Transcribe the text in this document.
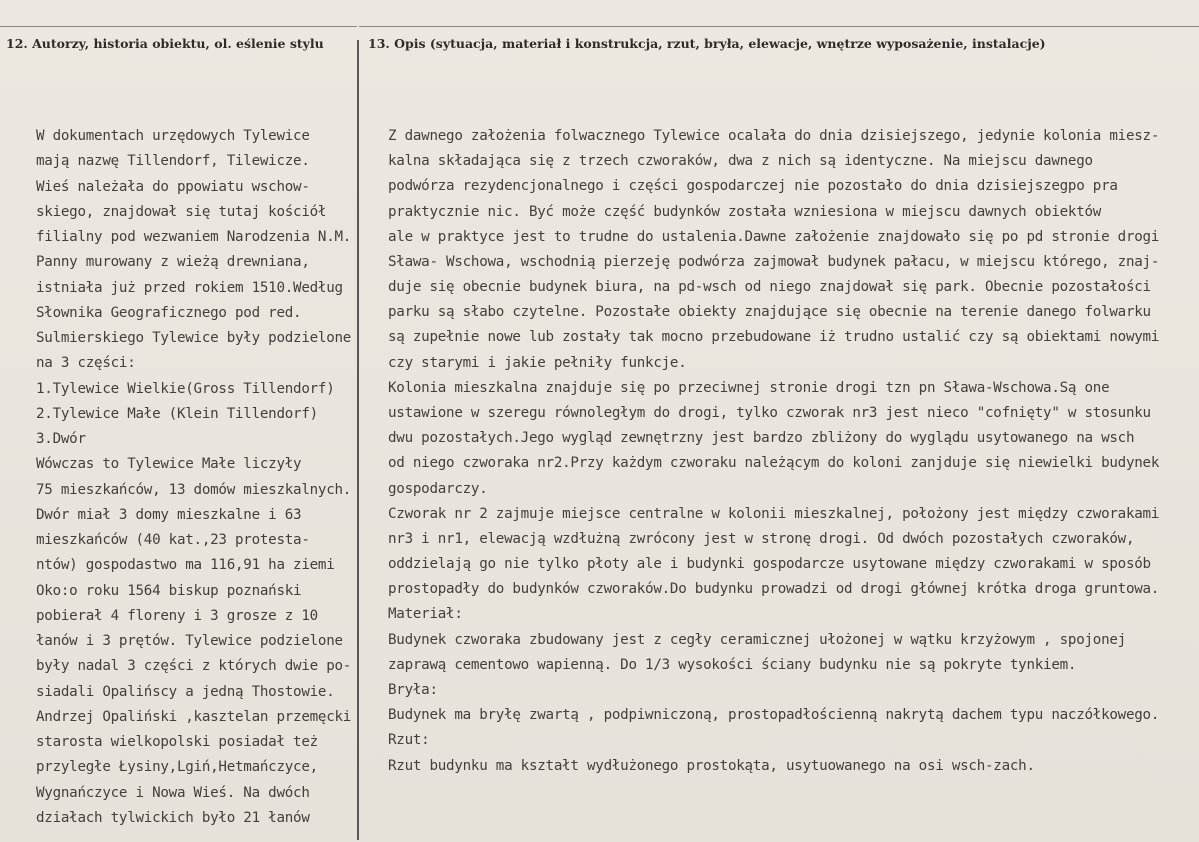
12. Autorzy, historia obiektu, ol. eślenie stylu	13. Opis (sytuacja, materiał i konstrukcja, rzut, bryła, elewacje, wnętrze wyposażenie, instalacje)
W dokumentach urzędowych Tylewice
mają nazwę Tillendorf, Tilewicze.
Wieś należała do ppowiatu wschow-
skiego, znajdował się tutaj kościół
filialny pod wezwaniem Narodzenia N.M.
Panny murowany z wieżą drewniana,
istniała już przed rokiem 1510.Według
Słownika Geograficznego pod red.
Sulmierskiego Tylewice były podzielone
na 3 części:
1.Tylewice Wielkie(Gross Tillendorf)
2.Tylewice Małe (Klein Tillendorf)
3.Dwór
Wówczas to Tylewice Małe liczyły
75 mieszkańców, 13 domów mieszkalnych.
Dwór miał 3 domy mieszkalne i 63
mieszkańców (40 kat.,23 protesta-
ntów) gospodastwo ma 116,91 ha ziemi
Oko:o roku 1564 biskup poznański
pobierał 4 floreny i 3 grosze z 10
łanów i 3 prętów. Tylewice podzielone
były nadal 3 części z których dwie po-
siadali Opalińscy a jedną Thostowie.
Andrzej Opaliński ,kasztelan przemęcki
starosta wielkopolski posiadał też
przyległe Łysiny,Lgiń,Hetmańczyce,
Wygnańczyce i Nowa Wieś. Na dwóch
działach tylwickich było 21 łanów
Z dawnego założenia folwacznego Tylewice ocalała do dnia dzisiejszego, jedynie kolonia miesz-
kalna składająca się z trzech czworaków, dwa z nich są identyczne. Na miejscu dawnego
podwórza rezydencjonalnego i części gospodarczej nie pozostało do dnia dzisiejszegpo pra
praktycznie nic. Być może część budynków została wzniesiona w miejscu dawnych obiektów
ale w praktyce jest to trudne do ustalenia.Dawne założenie znajdowało się po pd stronie drogi
Sława- Wschowa, wschodnią pierzeję podwórza zajmował budynek pałacu, w miejscu którego, znaj-
duje się obecnie budynek biura, na pd-wsch od niego znajdował się park. Obecnie pozostałości
parku są słabo czytelne. Pozostałe obiekty znajdujące się obecnie na terenie danego folwarku
są zupełnie nowe lub zostały tak mocno przebudowane iż trudno ustalić czy są obiektami nowymi
czy starymi i jakie pełniły funkcje.
Kolonia mieszkalna znajduje się po przeciwnej stronie drogi tzn pn Sława-Wschowa.Są one
ustawione w szeregu równoległym do drogi, tylko czworak nr3 jest nieco "cofnięty" w stosunku
dwu pozostałych.Jego wygląd zewnętrzny jest bardzo zbliżony do wyglądu usytowanego na wsch
od niego czworaka nr2.Przy każdym czworaku należącym do koloni zanjduje się niewielki budynek
gospodarczy.
Czworak nr 2 zajmuje miejsce centralne w kolonii mieszkalnej, położony jest między czworakami
nr3 i nr1, elewacją wzdłużną zwrócony jest w stronę drogi. Od dwóch pozostałych czworaków,
oddzielają go nie tylko płoty ale i budynki gospodarcze usytowane między czworakami w sposób
prostopadły do budynków czworaków.Do budynku prowadzi od drogi głównej krótka droga gruntowa.
Materiał:
Budynek czworaka zbudowany jest z cegły ceramicznej ułożonej w wątku krzyżowym , spojonej
zaprawą cementowo wapienną. Do 1/3 wysokości ściany budynku nie są pokryte tynkiem.
Bryła:
Budynek ma bryłę zwartą , podpiwniczoną, prostopadłościenną nakrytą dachem typu naczółkowego.
Rzut:
Rzut budynku ma kształt wydłużonego prostokąta, usytuowanego na osi wsch-zach.
